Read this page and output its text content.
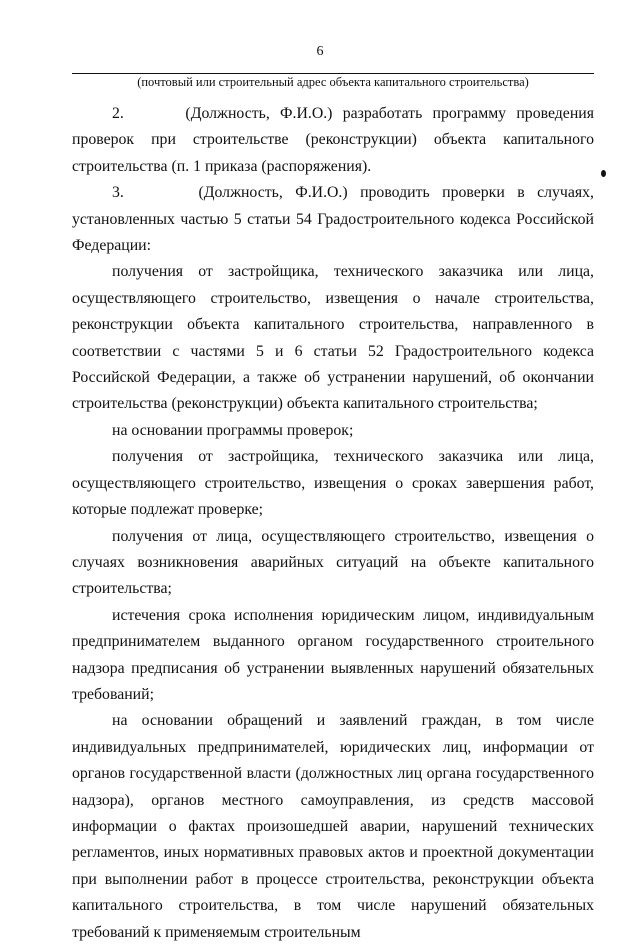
6
(почтовый или строительный адрес объекта капитального строительства)

2.      (Должность, Ф.И.О.) разработать программу проведения проверок при строительстве (реконструкции) объекта капитального строительства (п. 1 приказа (распоряжения).

3.      (Должность, Ф.И.О.) проводить проверки в случаях, установленных частью 5 статьи 54 Градостроительного кодекса Российской Федерации:

получения от застройщика, технического заказчика или лица, осуществляющего строительство, извещения о начале строительства, реконструкции объекта капитального строительства, направленного в соответствии с частями 5 и 6 статьи 52 Градостроительного кодекса Российской Федерации, а также об устранении нарушений, об окончании строительства (реконструкции) объекта капитального строительства;

на основании программы проверок;

получения от застройщика, технического заказчика или лица, осуществляющего строительство, извещения о сроках завершения работ, которые подлежат проверке;

получения от лица, осуществляющего строительство, извещения о случаях возникновения аварийных ситуаций на объекте капитального строительства;

истечения срока исполнения юридическим лицом, индивидуальным предпринимателем выданного органом государственного строительного надзора предписания об устранении выявленных нарушений обязательных требований;

на основании обращений и заявлений граждан, в том числе индивидуальных предпринимателей, юридических лиц, информации от органов государственной власти (должностных лиц органа государственного надзора), органов местного самоуправления, из средств массовой информации о фактах произошедшей аварии, нарушений технических регламентов, иных нормативных правовых актов и проектной документации при выполнении работ в процессе строительства, реконструкции объекта капитального строительства, в том числе нарушений обязательных требований к применяемым строительным
